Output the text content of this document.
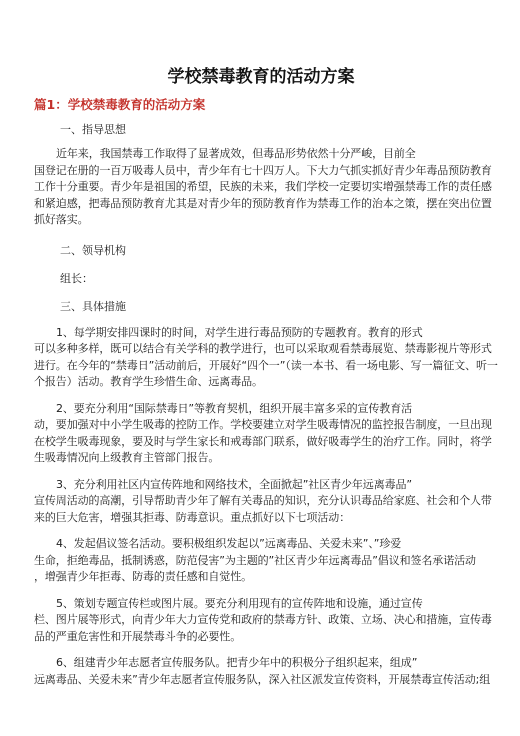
学校禁毒教育的活动方案
篇1：学校禁毒教育的活动方案

一、指导思想

近年来，我国禁毒工作取得了显著成效，但毒品形势依然十分严峻，目前全
国登记在册的一百万吸毒人员中，青少年有七十四万人。下大力气抓实抓好青少年毒品预防教育
工作十分重要。青少年是祖国的希望，民族的未来，我们学校一定要切实增强禁毒工作的责任感
和紧迫感，把毒品预防教育尤其是对青少年的预防教育作为禁毒工作的治本之策，摆在突出位置
抓好落实。

二、领导机构

组长：

三、具体措施

1、每学期安排四课时的时间，对学生进行毒品预防的专题教育。教育的形式
可以多种多样，既可以结合有关学科的教学进行，也可以采取观看禁毒展览、禁毒影视片等形式
进行。在今年的“禁毒日”活动前后，开展好“四个一”（读一本书、看一场电影、写一篇征文、听一
个报告）活动。教育学生珍惜生命、远离毒品。
2、要充分利用“国际禁毒日”等教育契机，组织开展丰富多采的宣传教育活
动，要加强对中小学生吸毒的控防工作。学校要建立对学生吸毒情况的监控报告制度，一旦出现
在校学生吸毒现象，要及时与学生家长和戒毒部门联系，做好吸毒学生的治疗工作。同时，将学
生吸毒情况向上级教育主管部门报告。
3、充分利用社区内宣传阵地和网络技术，全面掀起”社区青少年远离毒品”
宣传周活动的高潮，引导帮助青少年了解有关毒品的知识，充分认识毒品给家庭、社会和个人带
来的巨大危害，增强其拒毒、防毒意识。重点抓好以下七项活动：
4、发起倡议签名活动。要积极组织发起以”远离毒品、关爱未来”、”珍爱
生命，拒绝毒品，抵制诱惑，防范侵害”为主题的”社区青少年远离毒品”倡议和签名承诺活动
，增强青少年拒毒、防毒的责任感和自觉性。
5、策划专题宣传栏或图片展。要充分利用现有的宣传阵地和设施，通过宣传
栏、图片展等形式，向青少年大力宣传党和政府的禁毒方针、政策、立场、决心和措施，宣传毒
品的严重危害性和开展禁毒斗争的必要性。
6、组建青少年志愿者宣传服务队。把青少年中的积极分子组织起来，组成”
远离毒品、关爱未来”青少年志愿者宣传服务队，深入社区派发宣传资料，开展禁毒宣传活动;组
